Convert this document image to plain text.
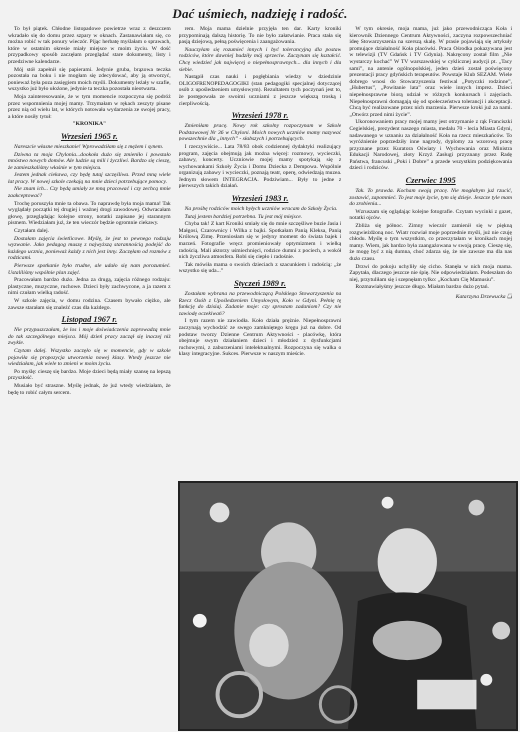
Dać uśmiech, nadzieję i radość.

To był piątek. Chłodne listopadowe powietrze wraz z deszczem wkradało się do domu przez szpary w oknach. Zastanawiałam się, co można robić w tak ponury wieczór. Pijąc herbatę myślałam o sprawach, które w ostatnim okresie miały miejsce w moim życiu. W dość przypadkowy sposób zaczęłam przeglądać stare dokumenty, listy i przedziwne kalendarze.

Mój stół zapełnił się papierami. Jedynie gruba, brązowa teczka pozostała na boku i nie mogłam się zdecydować, aby ją otworzyć, ponieważ była poza zasięgiem moich myśli. Dokumenty leżały w szafie, wszystko już było ułożone, jedynie ta teczka pozostała nieotwarta.

Moja zainteresowanie, że w tym momencie rozpoczyna się podróż przez wspomnienia mojej mamy. Trzymałam w rękach zeszyty pisane przez nią od wielu lat, w których notowała wydarzenia ze swojej pracy, a które nosiły tytuł:

"KRONIKA"

Wrzesień 1965 r.

Nareszcie własne mieszkanie! Wprowadziłam się z mężem i synem.

Dziwna ta moja Chylonia...dookoła dużo się zmieniło i powstało mnóstwo nowych domów. Ale ludzie są mili i życzliwi. Bardzo się cieszę, że zamieszkaliśmy właśnie w tym miejscu.

Jestem jednak ciekawa, czy będę tutaj szczęśliwa. Przed mną wiele lat pracy. W nowej szkole czekają na mnie dzieci potrzebujące pomocy.

Nie znam ich... Czy będą umiały ze mną pracować i czy zechcą mnie zaakceptować?

Trochę poruszyła mnie ta obawa. To naprawdę była moja mama! Tak wyglądały początki tej drugiej i ważnej drogi zawodowej. Odwracałam głowę, przeglądając kolejne strony, notatki zapisane jej starannym pismem. Wiedziałam już, że ten wieczór będzie ogromnie ciekawy.

Czytałam dalej.

Dostałam zajęcia świetlicowe. Myślę, że jest to pewnego rodzaju wyzwanie. Jako pedagog muszę z najwyższą starannością podejść do każdego ucznia, ponieważ każdy z nich jest inny. Zaczęłam od rozmów z rodzicami.

Pierwsze spotkanie było trudne, ale udało się nam porozumieć. Ustaliliśmy wspólnie plan zajęć.

Pracowałam bardzo dużo. Jedna za drugą, zajęcia różnego rodzaju: plastyczne, muzyczne, ruchowe. Dzieci były zachwycone, a ja razem z nimi czułam wielką radość.

W szkole zajęcia, w domu rodzina. Czasem bywało ciężko, ale zawsze starałam się znaleźć czas dla każdego.

Listopad 1967 r.

Nie przypuszczałam, że los i moje doświadczenia zaprowadzą mnie do tak szczególnego miejsca. Mój dzień pracy zaczął się inaczej niż zwykle.

Czytam dalej. Wszystko zaczęło się w momencie, gdy w szkole pojawiła się propozycja utworzenia nowej klasy. Wtedy jeszcze nie wiedziałam, jak wiele to zmieni w moim życiu.

Po myślę: cieszę się bardzo. Moje dzieci będą miały szansę na lepszą przyszłość.

Musiało być straszne. Myślę jednak, że już wtedy wiedziałam, że będę to robić całym sercem.

rem. Moja mama dzielnie przyjęła ten dar. Karty kroniki przypominają dalszą historię. To nie było załatwianie. Praca stała się pasją dziejową, pełną poświęcenia i zaangażowania.

Nauczyłam się rozumieć innych i być tolerancyjną dla postaw rodziców, które dawniej budziły mój sprzeciw. Zaczynam się kształcić. Chcę wiedzieć jak najwięcej o niepełnosprawnych... dla innych i dla siebie.

Nastąpił czas nauki i pogłębiania wiedzy w dziedzinie OLIGOFRENOPEDAGOGIKI (stan pedagogiki specjalnej dotyczącej osób z upośledzeniem umysłowym). Rezultatem tych poczynań jest to, że postępowała ze swoimi uczniami z jeszcze większą troską i cierpliwością.

Wrzesień 1978 r.

Zmieniłam pracę. Nowy rok szkolny rozpoczynam w Szkole Podstawowej Nr 36 w Chyloni. Moich nowych uczniów mamy nazywać powszechnie dla „innych” - słabszych i potrzebujących.

I rzeczywiście... Lata 78/83 obok codziennej dydaktyki realizujący program, zajęcia obejmują jak można więcej: rozmowy, wycieczki, zabawy, koncerty. Uczniowie mojej mamy spotykają się z wychowankami Szkoły Życia i Domu Dziecka z Dempowa. Wspólnie organizują zabawy i wycieczki, poznają teatr, operę, odwiedzają muzea. Jednym słowem INTEGRACJA. Podziwiam... Były to jedne z pierwszych takich działań.

Wrzesień 1983 r.

Na prośbę rodziców moich byłych uczniów wracam do Szkoły Życia.

Tutaj jestem bardziej potrzebna. Tu jest mój miejsce.

Chyba tak! Z kart Kroniki smiały się do mnie szczęśliwe buzie Jasia i Małgosi, Czarownicy i Wilka z bajki. Spotkałam Panią Kleksa, Panią Królową Zimę. Przeniosłam się w jedyny moment do świata bajek i marzeń. Fotografie wręcz promieniowały optymizmem i wielką radością. Mali aktorzy uśmiechnięci, rodzice dumni z pociech, a wokół nich życzliwa atmosfera. Robi się ciepło i radośnie.

Tak mówiła mama o swoich dzieciach z szacunkiem i radością: „że wszystko się uda...”

Styczeń 1989 r.

Zostałam wybrana na przewodniczącą Polskiego Stowarzyszenia na Rzecz Osób z Upośledzeniem Umysłowym, Koło w Gdyni. Pełnię tę funkcję do dzisiaj. Zadanie moje: czy sprostam zadaniom? Czy nie zawiodę oczekiwań?

I tym razem nie zawiodła. Koło działa prężnie. Niepełnosprawni zaczynają wychodzić ze swego zamkniętego kręgu już na dobre. Od podstaw tworzy Dzienne Centrum Aktywności - placówkę, która obejmuje swym działaniem dzieci i młodzież z dysfunkcjami ruchowymi, z zaburzeniami intelektualnymi. Rozpoczyna się walka o klasy integracyjne. Sukces. Pierwsze w naszym mieście.

W tym okresie, moja mama, już jako przewodnicząca Koła i kierownik Dziennego Centrum Aktywności, zaczyna rozpowszechniać ideę Stowarzyszenia na szerszą skalę. W prasie pojawiają się artykuły promujące działalność Koła placówki. Praca Ośrodka pokazywana jest w telewizji (TV Gdańsk i TV Gdynia). Nakręcony został film „Nie wystarczy kochać” W TV warszawskiej w cyklicznej audycji pt. „Tacy sami”, na antenie ogólnopolskiej, jeden dzień został poświęcony prezentacji pracy gdyńskich terapeutów. Powstaje Klub SEZAM. Wiele dobrego wnosi do Stowarzyszenia festiwal „Potyczki rodzinne”, „Hubertus”, „Powitanie lata” oraz wiele innych imprez. Dzieci niepełnosprawne biorą udział w różnych konkursach i zajęciach. Niepełnosprawni domagają się od społeczeństwa tolerancji i akceptacji. Chcą być realizowane przez nich marzenia. Pierwsze kroki już za nami. „Otwórz przed nimi życie”.

Ukoronowaniem pracy mojej mamy jest otrzymanie z rąk Franciszki Cegielskiej, prezydent naszego miasta, medalu 70 - lecia Miasta Gdyni, nadawanego w uznaniu za działalność Koła na rzecz mieszkańców. To wyróżnienie poprzedziły inne nagrody, dyplomy za wzorową pracę przyznane przez Kuratora Oświaty i Wychowania oraz Ministra Edukacji Narodowej, złoty Krzyż Zasługi przyznany przez Radę Państwa, francuski „Poki i Dobre” a przede wszystkim podziękowania dzieci i rodziców.

Czerwiec 1995

Tak. To prawda. Kocham swoją pracę. Nie mogłabym już rzucić, zostawić, zapomnieć. To jest moje życie, tym się dzieje. Jeszcze tyle mam do zrobienia...

Wzruszam się oglądając kolejne fotografie. Czytam wycinki z gazet, notatki ojców.

Zbliża się północ. Zimny wieczór zamienił się w piękną rozgwieżdżoną noc. Wiatr rozwiał moje poprzednie myśli, już nie czuję chłodu. Myślę o tym wszystkim, co przeczytałam w kronikach mojej mamy. Wiem, jak bardzo była zaangażowana w swoją pracę. Cieszę się, że mogę być z nią dumna, choć zdarza się, że nie zawsze ma dla nas dużo czasu.

Drzwi do pokoju uchyliły się cicho. Stanęła w nich moja mama. Zapytała, dlaczego jeszcze nie śpię. Nie odpowiedziałam. Podeszłam do niej, przytuliłam się i szepnęłam tylko: „Kocham Cię Mamusiu”.

Rozmawiałyśmy jeszcze długo. Miałam bardzo dużo pytań.

Katarzyna Drzewucka ❑
